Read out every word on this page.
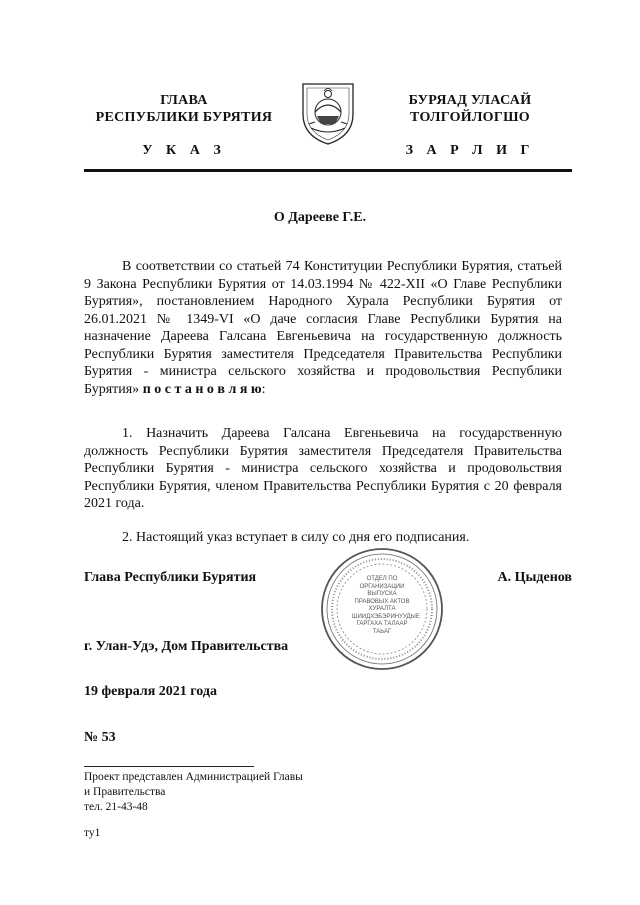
ГЛАВА
РЕСПУБЛИКИ БУРЯТИЯ
У К А З
БУРЯАД УЛАСАЙ
ТОЛГОЙЛОГШО
З А Р Л И Г
О Дарееве Г.Е.
В соответствии со статьей 74 Конституции Республики Бурятия, статьей 9 Закона Республики Бурятия от 14.03.1994 № 422-XII «О Главе Республики Бурятия», постановлением Народного Хурала Республики Бурятия от 26.01.2021 № 1349-VI «О даче согласия Главе Республики Бурятия на назначение Дареева Галсана Евгеньевича на государственную должность Республики Бурятия заместителя Председателя Правительства Республики Бурятия - министра сельского хозяйства и продовольствия Республики Бурятия» п о с т а н о в л я ю:
1. Назначить Дареева Галсана Евгеньевича на государственную должность Республики Бурятия заместителя Председателя Правительства Республики Бурятия - министра сельского хозяйства и продовольствия Республики Бурятия, членом Правительства Республики Бурятия с 20 февраля 2021 года.
2. Настоящий указ вступает в силу со дня его подписания.
Глава Республики Бурятия	А. Цыденов
ОТДЕЛ ПО ОРГАНИЗАЦИИ ВЫПУСКА ПРАВОВЫХ АКТОВ ХУРАЛТА ШИИДХЭБЭРИНУУДЫЕ ГАРГАХА ТАЛААР ТАЬАГ
г. Улан-Удэ, Дом Правительства
19 февраля 2021 года
№ 53
Проект представлен Администрацией Главы
и Правительства
тел. 21-43-48
ту1
